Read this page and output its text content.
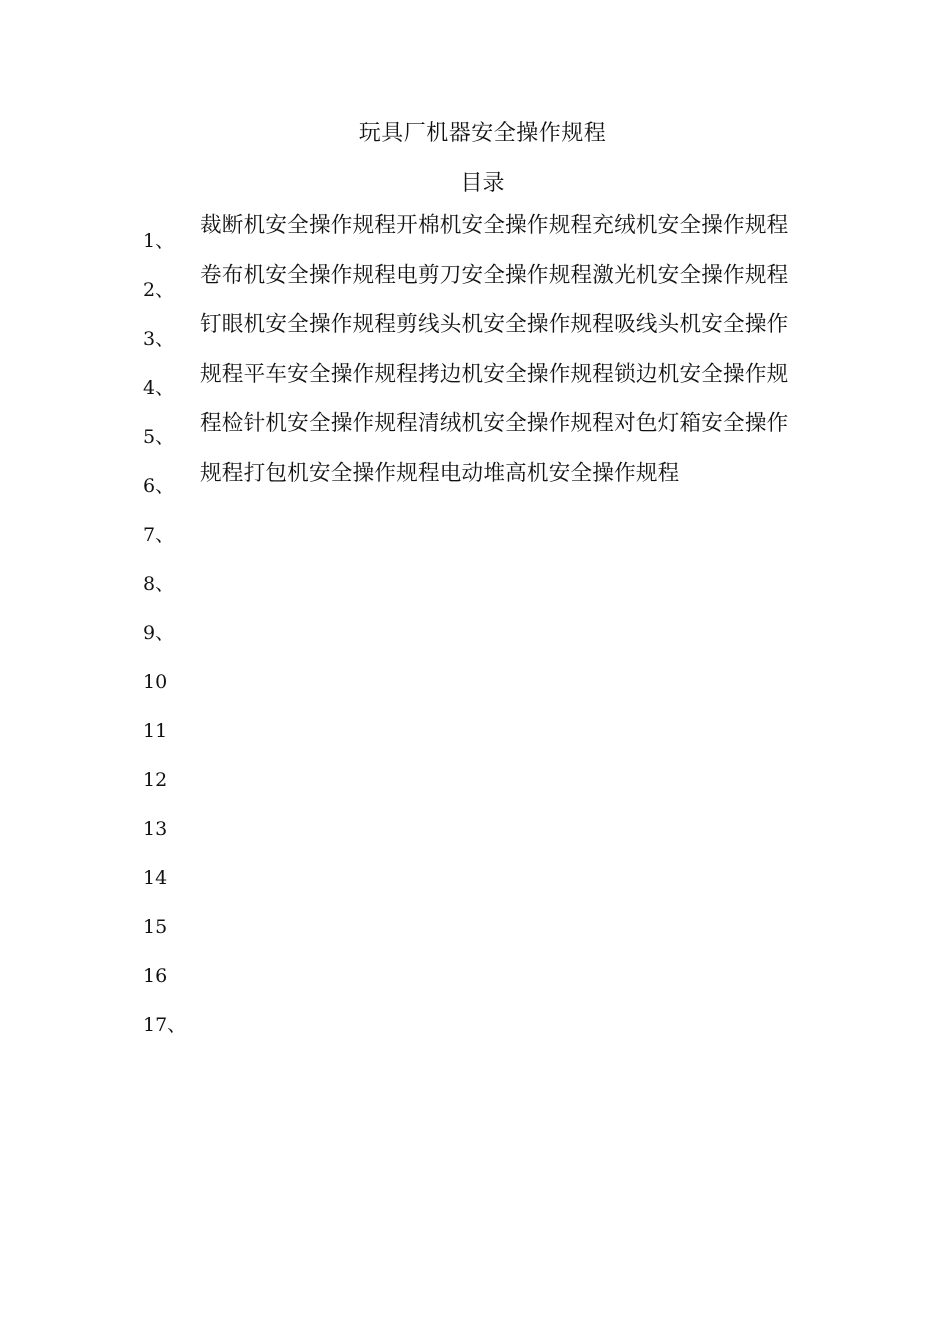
玩具厂机器安全操作规程
目录
1、
2、
3、
4、
5、
6、
7、
8、
9、
10
11
12
13
14
15
16
17、
裁断机安全操作规程开棉机安全操作规程充绒机安全操作规程
卷布机安全操作规程电剪刀安全操作规程激光机安全操作规程
钉眼机安全操作规程剪线头机安全操作规程吸线头机安全操作
规程平车安全操作规程拷边机安全操作规程锁边机安全操作规
程检针机安全操作规程清绒机安全操作规程对色灯箱安全操作
规程打包机安全操作规程电动堆高机安全操作规程
